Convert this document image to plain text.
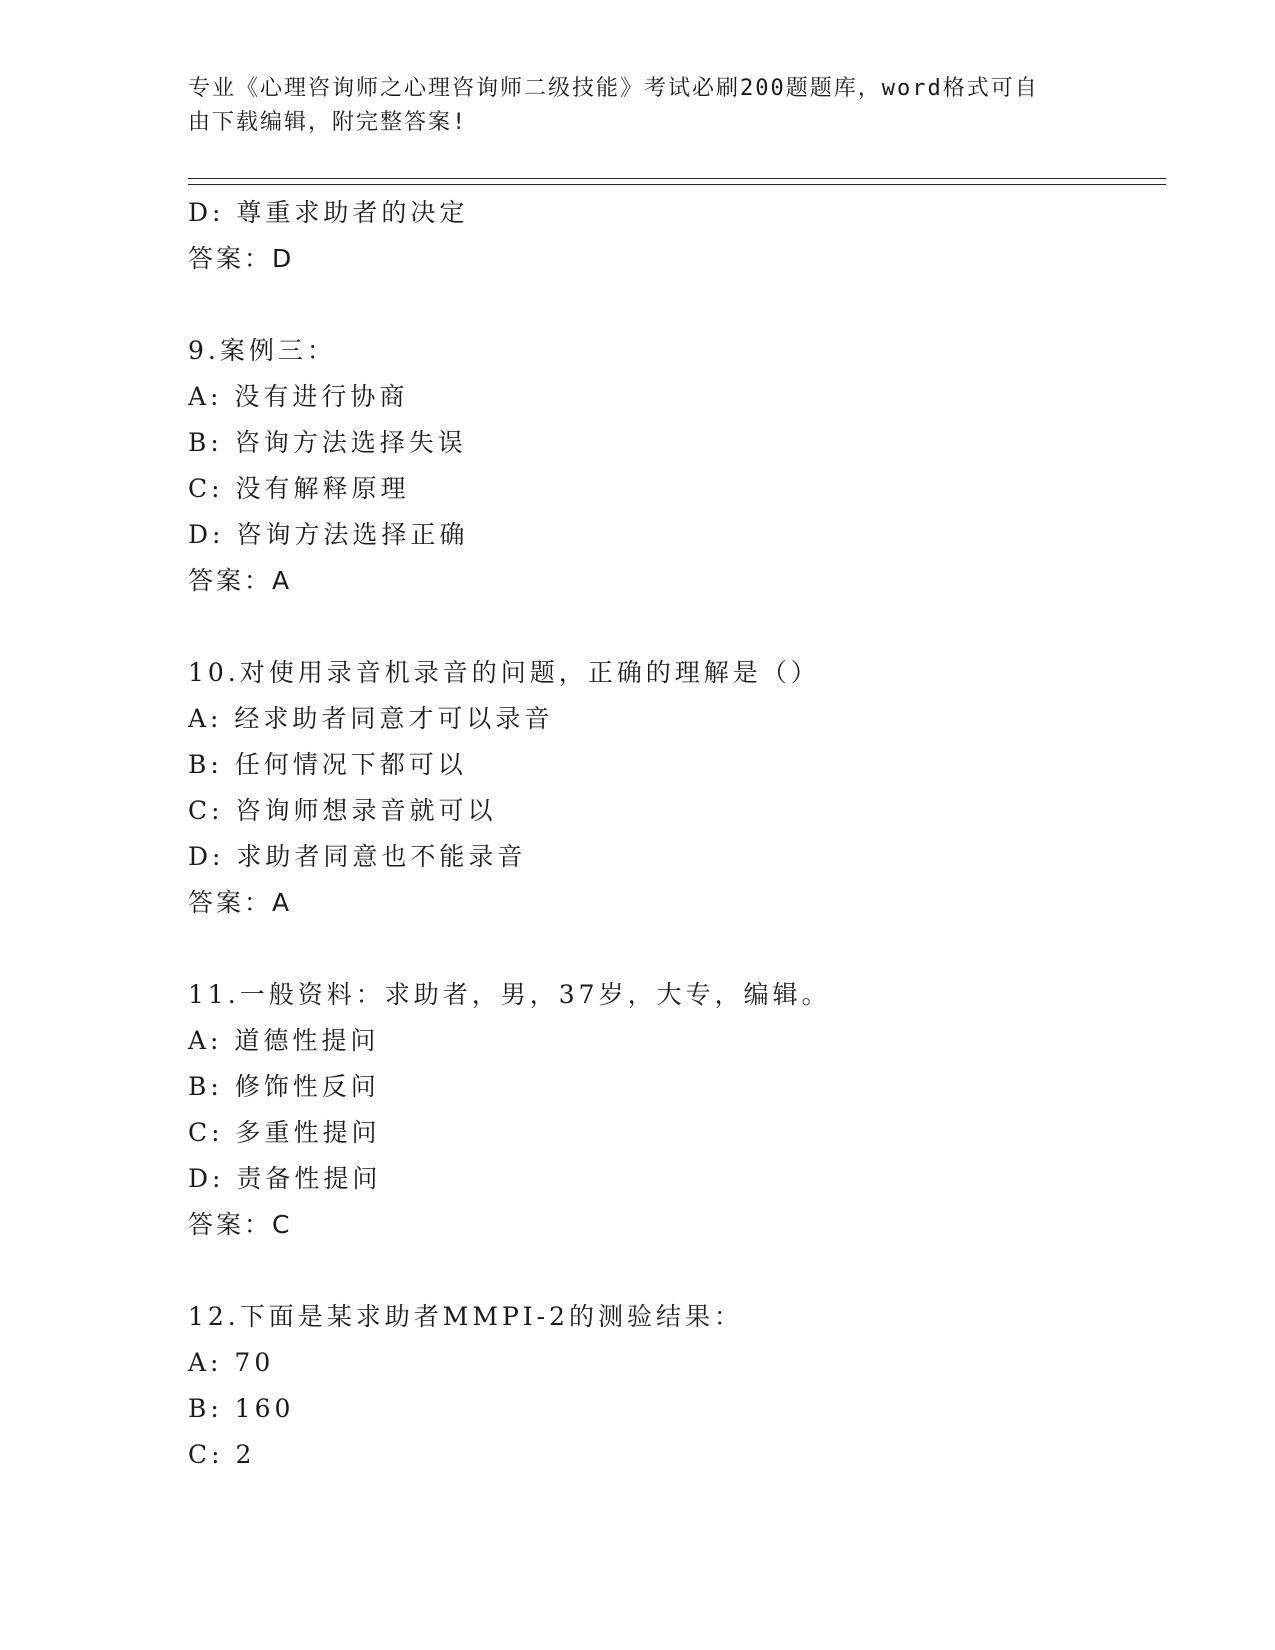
专业《心理咨询师之心理咨询师二级技能》考试必刷200题题库，word格式可自
由下载编辑，附完整答案!
D: 尊重求助者的决定
答案：D
9.案例三：
A: 没有进行协商
B: 咨询方法选择失误
C: 没有解释原理
D: 咨询方法选择正确
答案：A
10.对使用录音机录音的问题，正确的理解是（）
A: 经求助者同意才可以录音
B: 任何情况下都可以
C: 咨询师想录音就可以
D: 求助者同意也不能录音
答案：A
11.一般资料：求助者，男，37岁，大专，编辑。
A: 道德性提问
B: 修饰性反问
C: 多重性提问
D: 责备性提问
答案：C
12.下面是某求助者MMPI-2的测验结果：
A: 70
B: 160
C: 2
